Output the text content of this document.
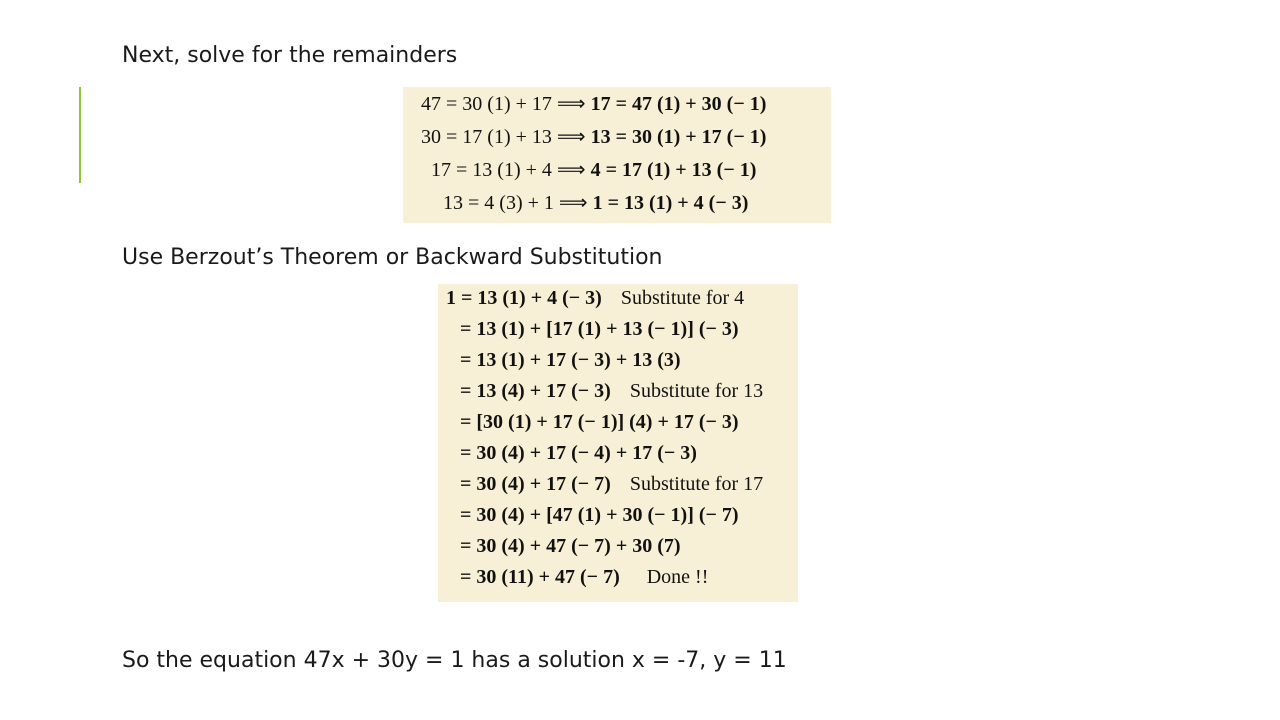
Next, solve for the remainders
47 = 30 (1) + 17 ⟹ 17 = 47 (1) + 30 (− 1)
30 = 17 (1) + 13 ⟹ 13 = 30 (1) + 17 (− 1)
17 = 13 (1) + 4 ⟹ 4 = 17 (1) + 13 (− 1)
13 = 4 (3) + 1 ⟹ 1 = 13 (1) + 4 (− 3)
Use Berzout’s Theorem or Backward Substitution
1 = 13 (1) + 4 (− 3) Substitute for 4
= 13 (1) + [17 (1) + 13 (− 1)] (− 3)
= 13 (1) + 17 (− 3) + 13 (3)
= 13 (4) + 17 (− 3) Substitute for 13
= [30 (1) + 17 (− 1)] (4) + 17 (− 3)
= 30 (4) + 17 (− 4) + 17 (− 3)
= 30 (4) + 17 (− 7) Substitute for 17
= 30 (4) + [47 (1) + 30 (− 1)] (− 7)
= 30 (4) + 47 (− 7) + 30 (7)
= 30 (11) + 47 (− 7) Done !!
So the equation 47x + 30y = 1 has a solution x = -7, y = 11
